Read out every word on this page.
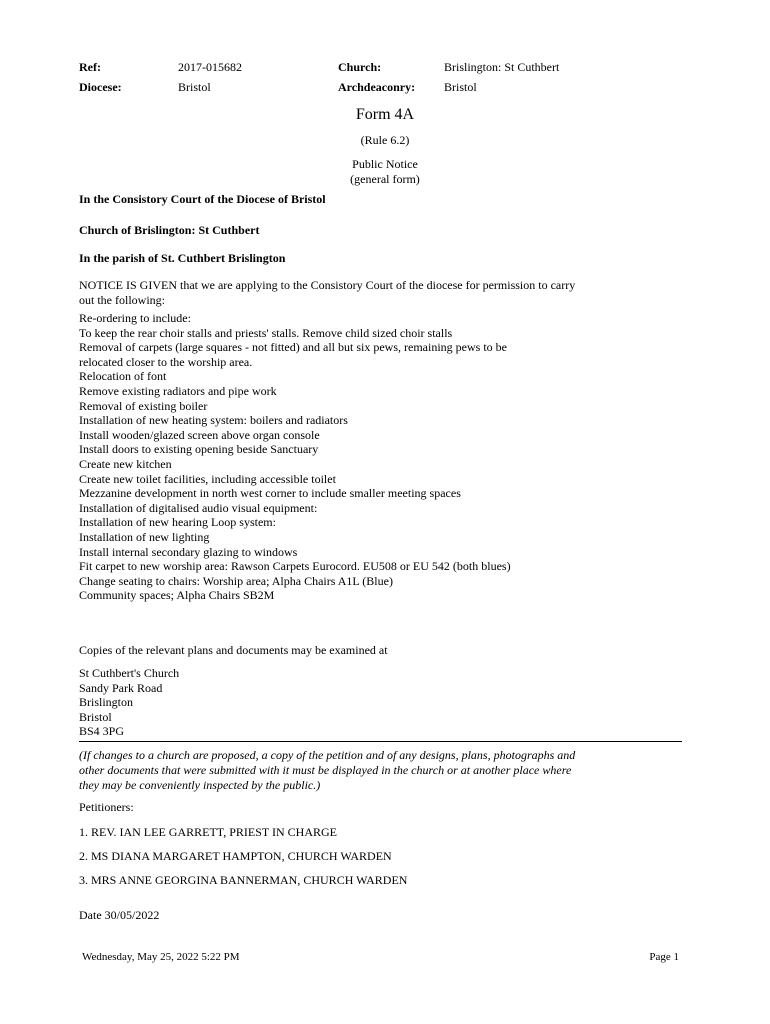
Ref:	2017-015682	Church:	Brislington: St Cuthbert
Diocese:	Bristol	Archdeaconry: Bristol
Form 4A
(Rule 6.2)
Public Notice
(general form)
In the Consistory Court of the Diocese of Bristol
Church of Brislington: St Cuthbert
In the parish of St. Cuthbert Brislington
NOTICE IS GIVEN that we are applying to the Consistory Court of the diocese for permission to carry
out the following:
Re-ordering to include:
To keep the rear choir stalls and priests' stalls. Remove child sized choir stalls
Removal of carpets (large squares - not fitted) and all but six pews, remaining pews to be
relocated closer to the worship area.
Relocation of font
Remove existing radiators and pipe work
Removal of existing boiler
Installation of new heating system: boilers and radiators
Install wooden/glazed screen above organ console
Install doors to existing opening beside Sanctuary
Create new kitchen
Create new toilet facilities, including accessible toilet
Mezzanine development in north west corner to include smaller meeting spaces
Installation of digitalised audio visual equipment:
Installation of new hearing Loop system:
Installation of new lighting
Install internal secondary glazing to windows
Fit carpet to new worship area: Rawson Carpets Eurocord. EU508 or EU 542 (both blues)
Change seating to chairs: Worship area; Alpha Chairs A1L (Blue)
Community spaces; Alpha Chairs SB2M
Copies of the relevant plans and documents may be examined at
St Cuthbert's Church
Sandy Park Road
Brislington
Bristol
BS4 3PG
(If changes to a church are proposed, a copy of the petition and of any designs, plans, photographs and
other documents that were submitted with it must be displayed in the church or at another place where
they may be conveniently inspected by the public.)
Petitioners:
1. REV. IAN LEE GARRETT, PRIEST IN CHARGE
2. MS DIANA MARGARET HAMPTON, CHURCH WARDEN
3. MRS ANNE GEORGINA BANNERMAN, CHURCH WARDEN
Date 30/05/2022
Wednesday, May 25, 2022 5:22 PM	Page 1
